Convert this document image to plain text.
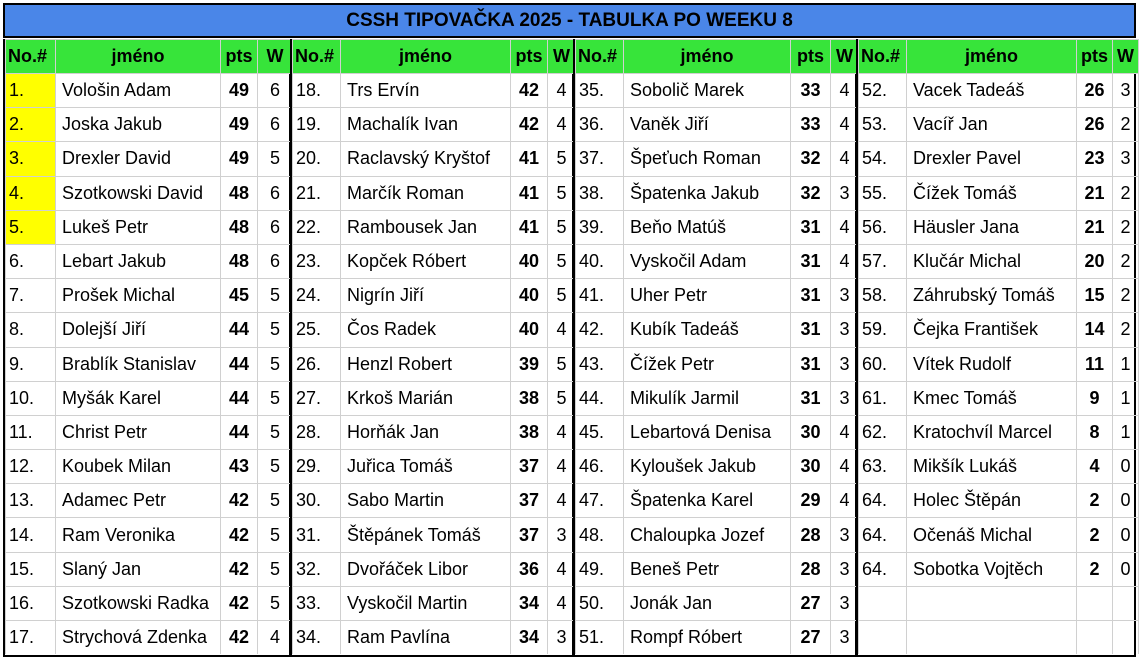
CSSH TIPOVAČKA 2025 - TABULKA PO WEEKU 8
No.#	jméno	pts	W
1.	Vološin Adam	49	6
2.	Joska Jakub	49	6
3.	Drexler David	49	5
4.	Szotkowski David	48	6
5.	Lukeš Petr	48	6
6.	Lebart Jakub	48	6
7.	Prošek Michal	45	5
8.	Dolejší Jiří	44	5
9.	Brablík Stanislav	44	5
10.	Myšák Karel	44	5
11.	Christ Petr	44	5
12.	Koubek Milan	43	5
13.	Adamec Petr	42	5
14.	Ram Veronika	42	5
15.	Slaný Jan	42	5
16.	Szotkowski Radka	42	5
17.	Strychová Zdenka	42	4
No.#	jméno	pts	W
18.	Trs Ervín	42	4
19.	Machalík Ivan	42	4
20.	Raclavský Kryštof	41	5
21.	Marčík Roman	41	5
22.	Rambousek Jan	41	5
23.	Kopček Róbert	40	5
24.	Nigrín Jiří	40	5
25.	Čos Radek	40	4
26.	Henzl Robert	39	5
27.	Krkoš Marián	38	5
28.	Horňák Jan	38	4
29.	Juřica Tomáš	37	4
30.	Sabo Martin	37	4
31.	Štěpánek Tomáš	37	3
32.	Dvořáček Libor	36	4
33.	Vyskočil Martin	34	4
34.	Ram Pavlína	34	3
No.#	jméno	pts	W
35.	Sobolič Marek	33	4
36.	Vaněk Jiří	33	4
37.	Špeťuch Roman	32	4
38.	Špatenka Jakub	32	3
39.	Beňo Matúš	31	4
40.	Vyskočil Adam	31	4
41.	Uher Petr	31	3
42.	Kubík Tadeáš	31	3
43.	Čížek Petr	31	3
44.	Mikulík Jarmil	31	3
45.	Lebartová Denisa	30	4
46.	Kyloušek Jakub	30	4
47.	Špatenka Karel	29	4
48.	Chaloupka Jozef	28	3
49.	Beneš Petr	28	3
50.	Jonák Jan	27	3
51.	Rompf Róbert	27	3
No.#	jméno	pts	W
52.	Vacek Tadeáš	26	3
53.	Vacíř Jan	26	2
54.	Drexler Pavel	23	3
55.	Čížek Tomáš	21	2
56.	Häusler Jana	21	2
57.	Klučár Michal	20	2
58.	Záhrubský Tomáš	15	2
59.	Čejka František	14	2
60.	Vítek Rudolf	11	1
61.	Kmec Tomáš	9	1
62.	Kratochvíl Marcel	8	1
63.	Mikšík Lukáš	4	0
64.	Holec Štěpán	2	0
64.	Očenáš Michal	2	0
64.	Sobotka Vojtěch	2	0
